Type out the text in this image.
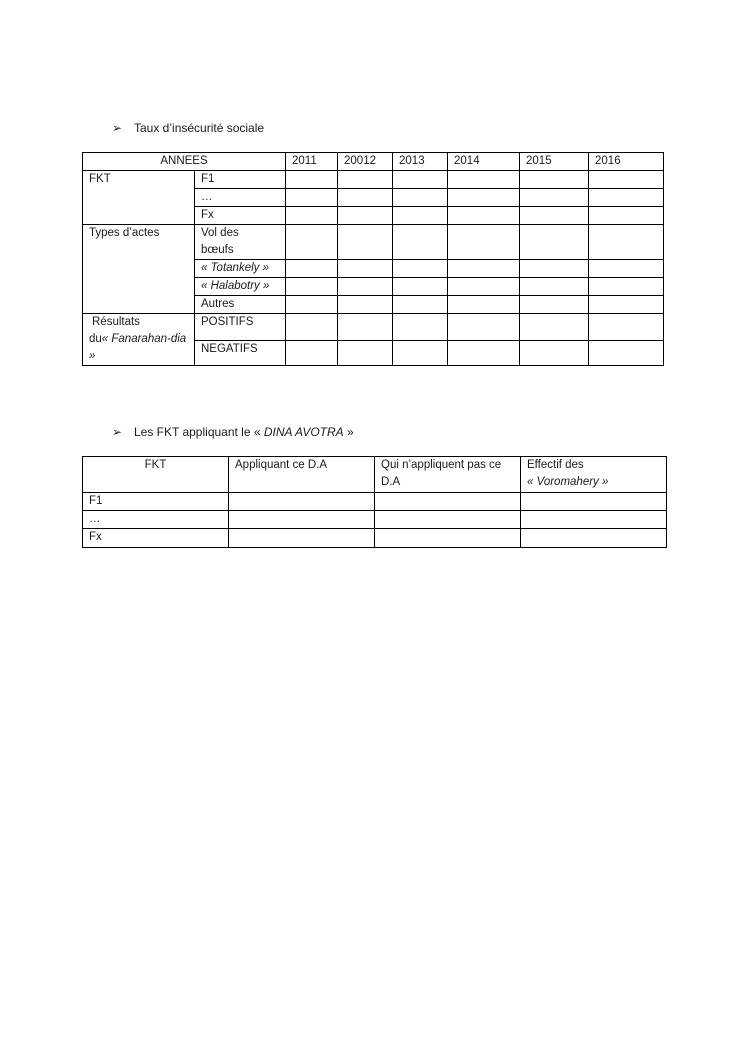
➢ Taux d’insécurité sociale
ANNEES		2011	20012	2013	2014	2015	2016
FKT	F1						
	…						
	Fx						
Types d’actes	Vol des
bœufs						
	« Totankely »						
	« Halabotry »						
	Autres						
Résultats
du« Fanarahan-dia »	POSITIFS						
	NEGATIFS						
➢ Les FKT appliquant le « DINA AVOTRA »
FKT	Appliquant ce D.A	Qui n’appliquent pas ce D.A	Effectif des
« Voromahery »
F1			
…			
Fx			
